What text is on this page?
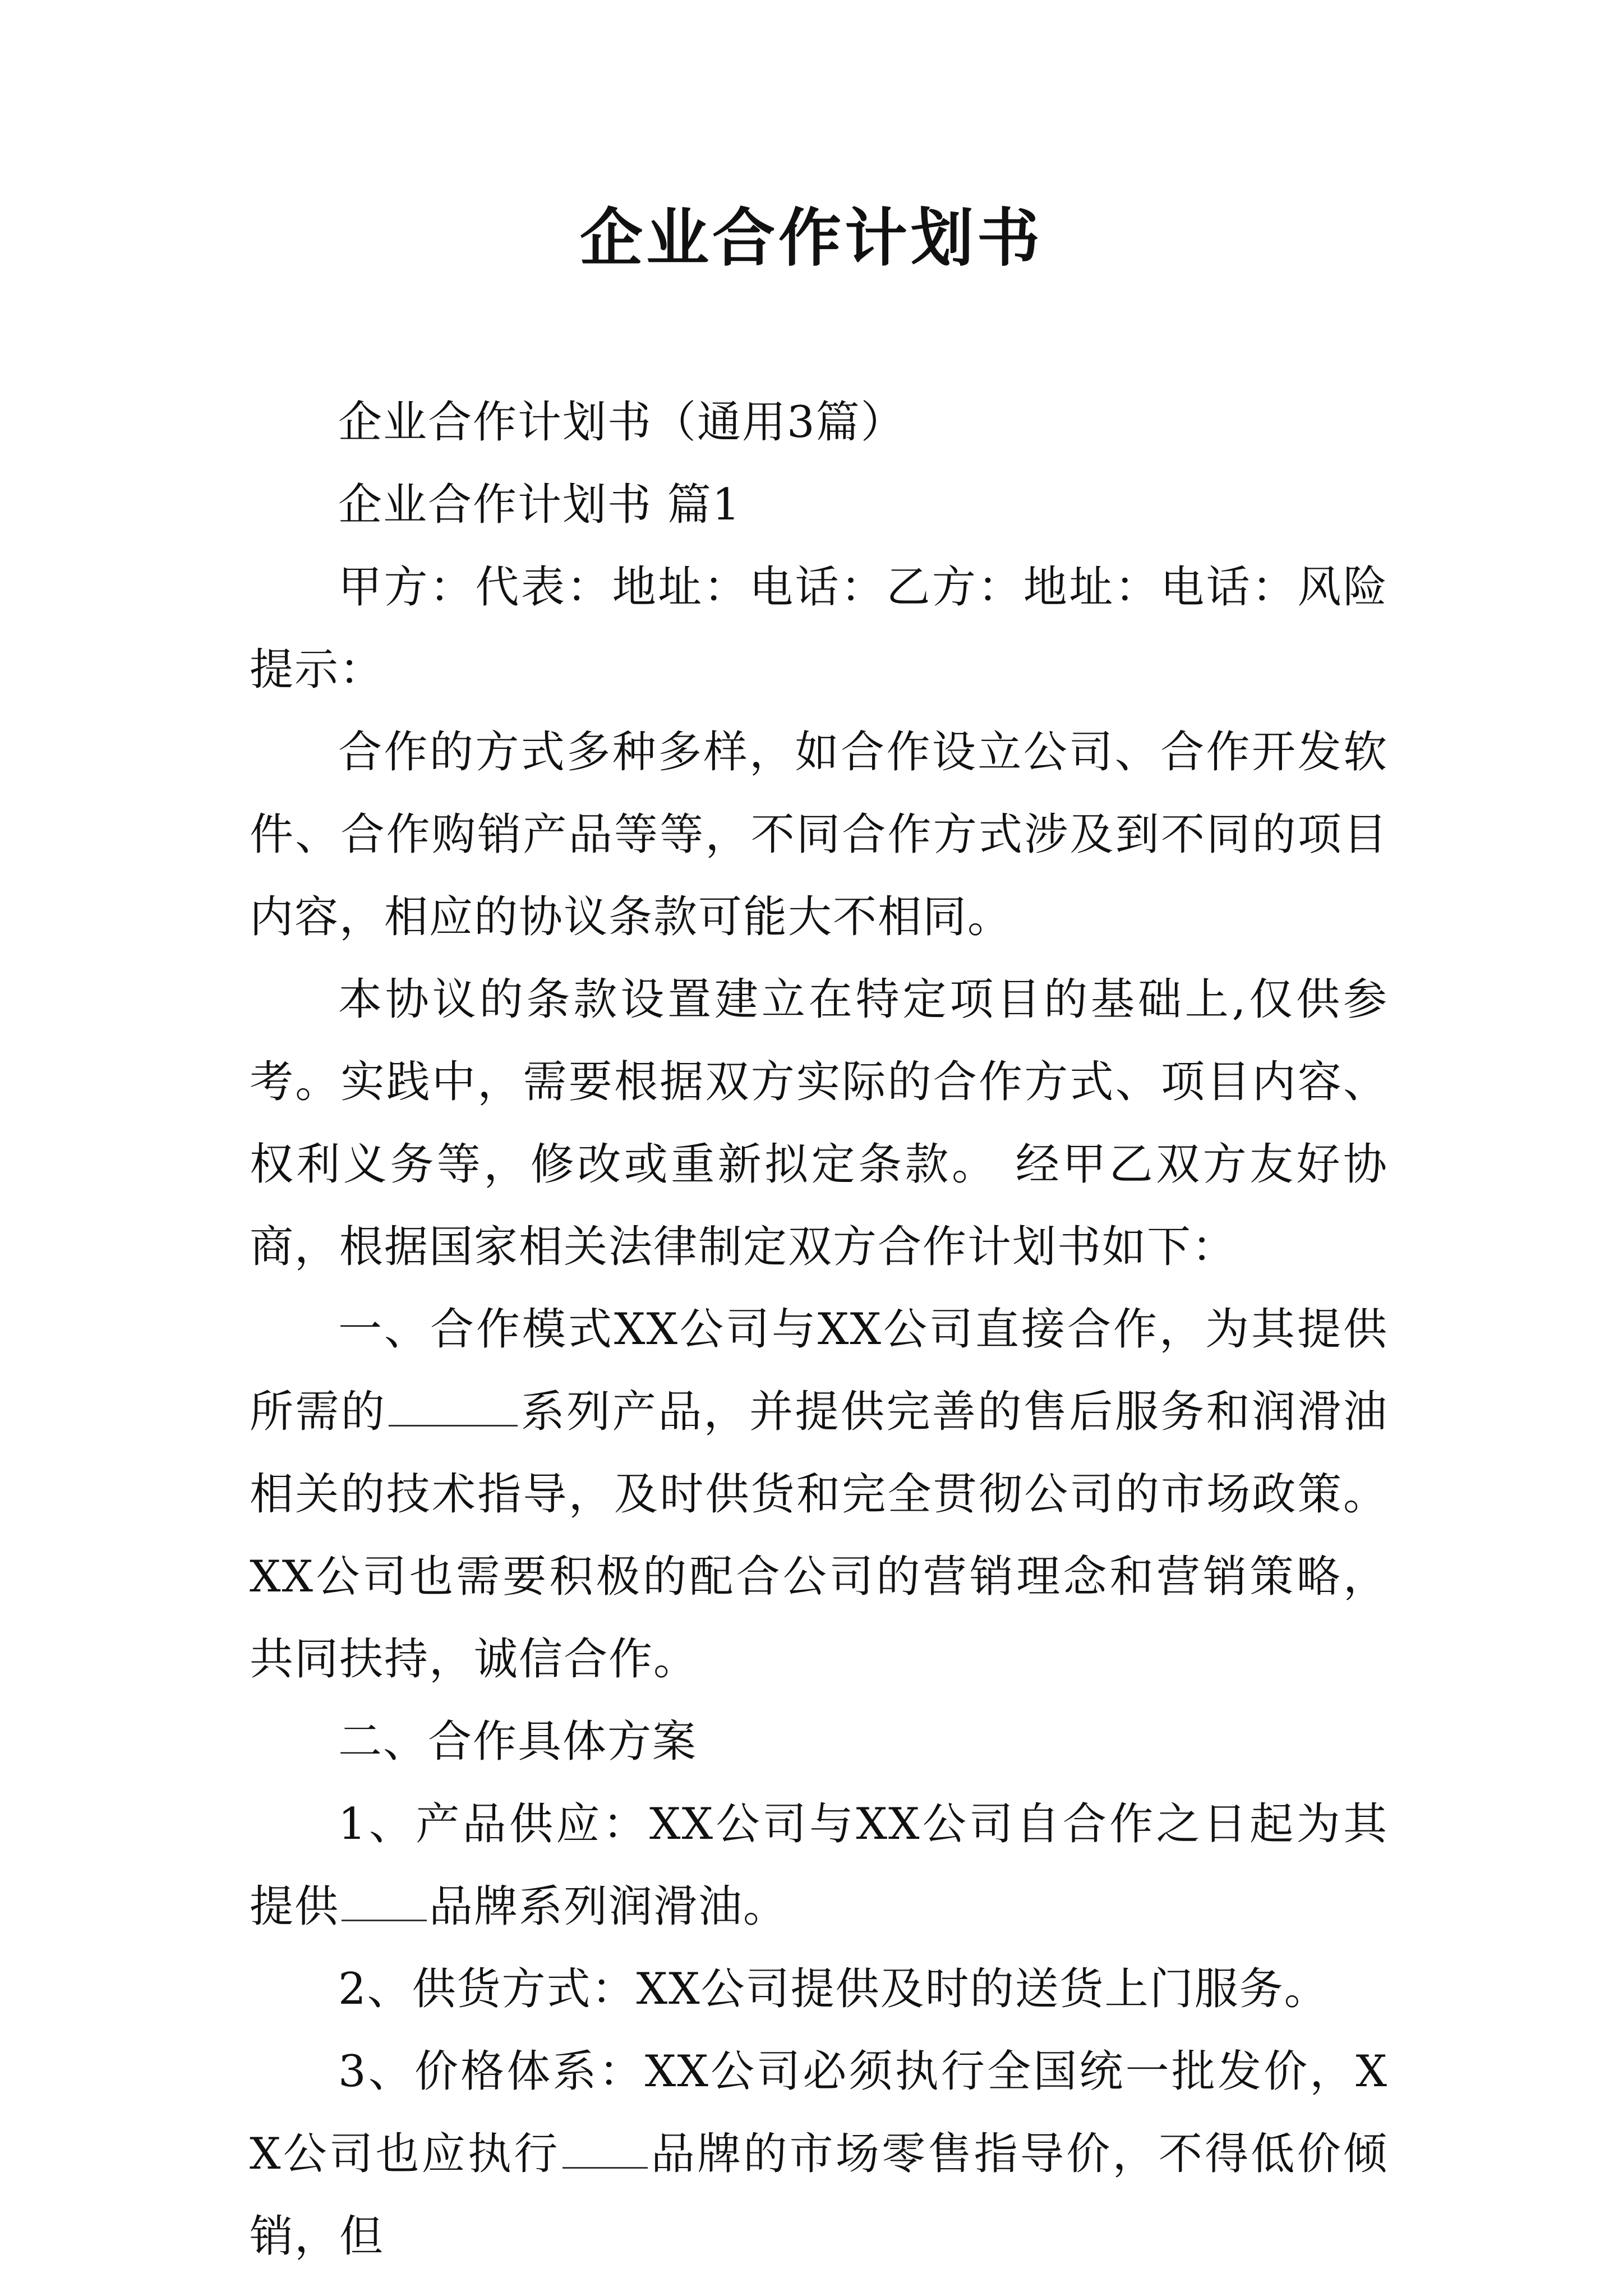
企业合作计划书

企业合作计划书（通用3篇）

企业合作计划书 篇1

甲方：代表：地址：电话：乙方：地址：电话：风险提示：

合作的方式多种多样，如合作设立公司、合作开发软件、合作购销产品等等，不同合作方式涉及到不同的项目内容，相应的协议条款可能大不相同。

本协议的条款设置建立在特定项目的基础上,仅供参考。实践中，需要根据双方实际的合作方式、项目内容、权利义务等，修改或重新拟定条款。 经甲乙双方友好协商，根据国家相关法律制定双方合作计划书如下：

一、合作模式XX公司与XX公司直接合作，为其提供所需的	系列产品，并提供完善的售后服务和润滑油相关的技术指导，及时供货和完全贯彻公司的市场政策。XX公司也需要积极的配合公司的营销理念和营销策略，共同扶持，诚信合作。

二、合作具体方案

1、产品供应：XX公司与XX公司自合作之日起为其提供 品牌系列润滑油。

2、供货方式：XX公司提供及时的送货上门服务。

3、价格体系：XX公司必须执行全国统一批发价，XX公司也应执行 品牌的市场零售指导价，不得低价倾销，但
